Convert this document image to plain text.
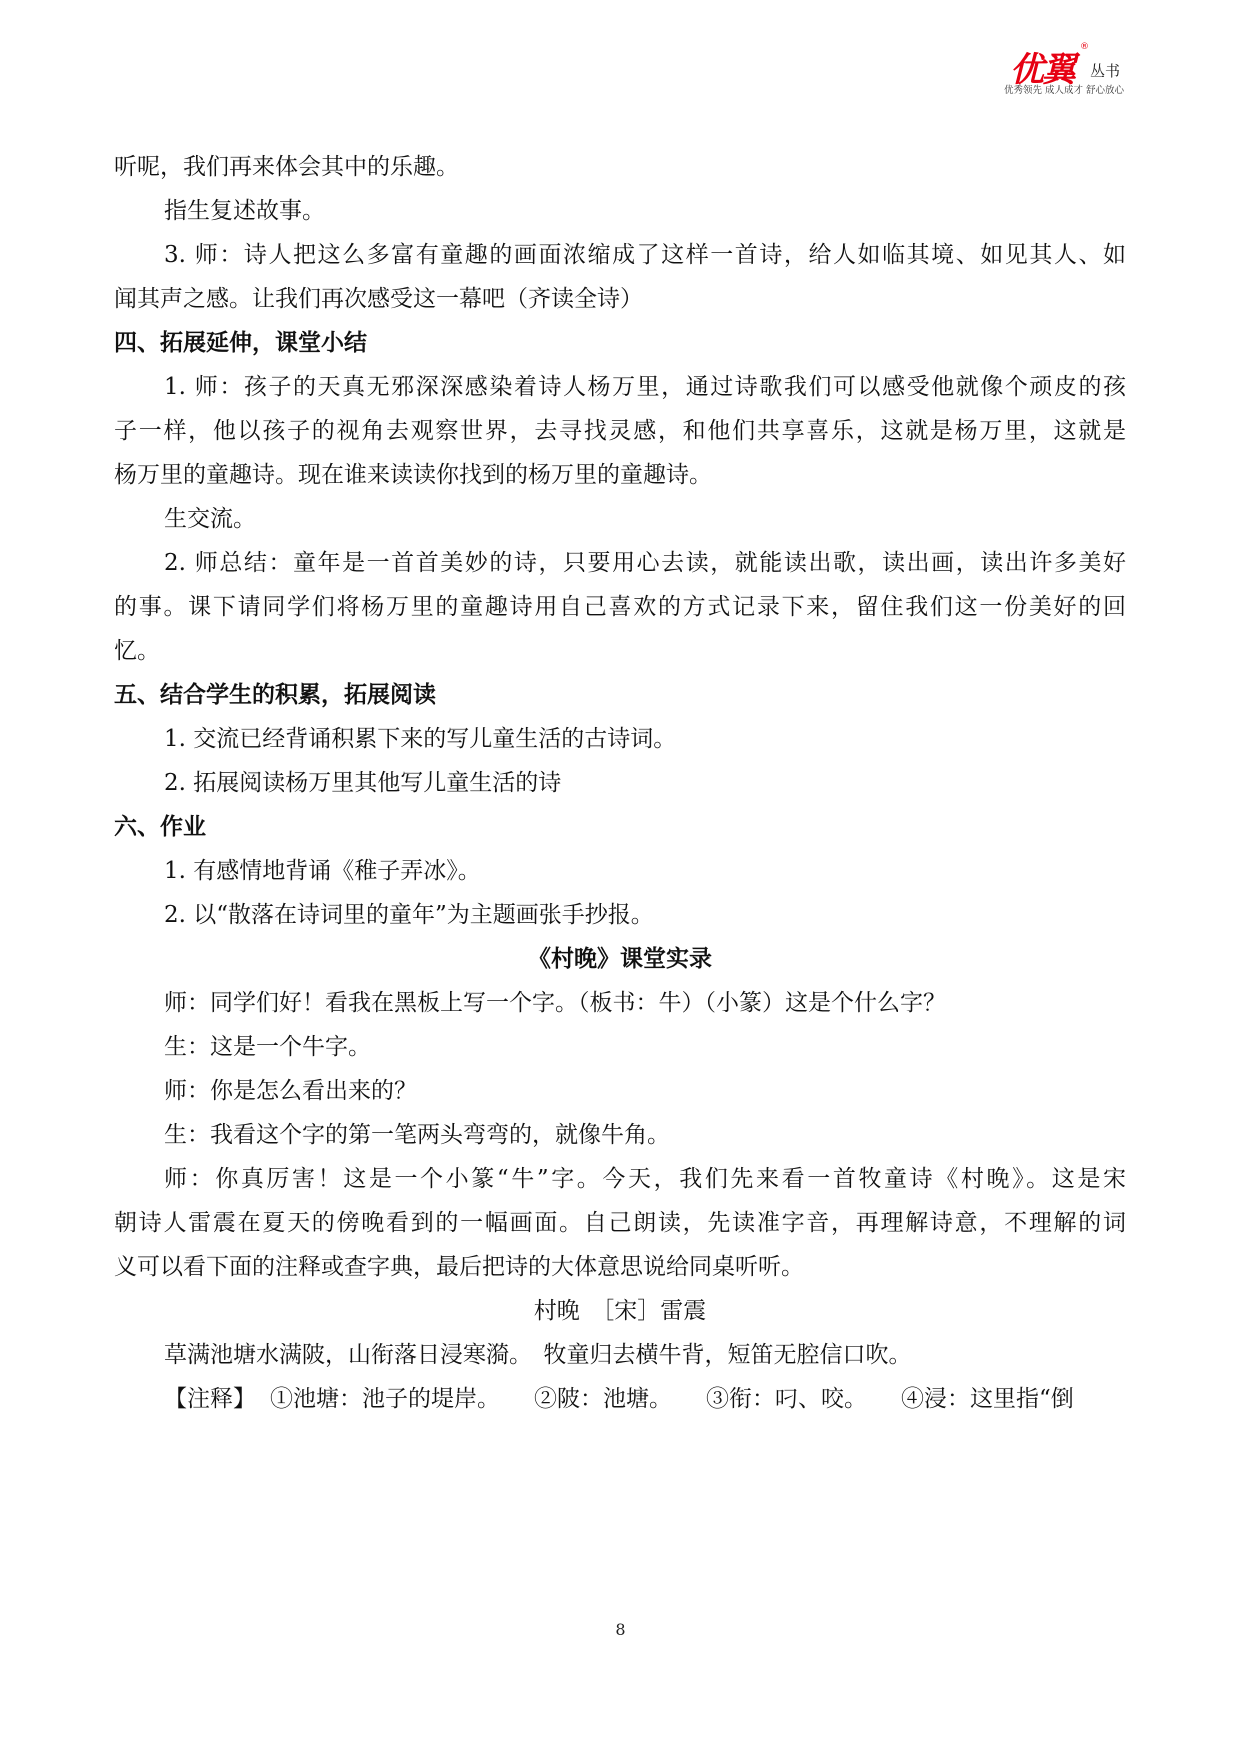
优翼
®
丛书
优秀领先 成人成才 舒心放心
听呢，我们再来体会其中的乐趣。
指生复述故事。
3. 师：诗人把这么多富有童趣的画面浓缩成了这样一首诗，给人如临其境、如见其人、如
闻其声之感。让我们再次感受这一幕吧（齐读全诗）
四、拓展延伸，课堂小结
1. 师：孩子的天真无邪深深感染着诗人杨万里，通过诗歌我们可以感受他就像个顽皮的孩
子一样，他以孩子的视角去观察世界，去寻找灵感，和他们共享喜乐，这就是杨万里，这就是
杨万里的童趣诗。现在谁来读读你找到的杨万里的童趣诗。
生交流。
2. 师总结：童年是一首首美妙的诗，只要用心去读，就能读出歌，读出画，读出许多美好
的事。课下请同学们将杨万里的童趣诗用自己喜欢的方式记录下来，留住我们这一份美好的回
忆。
五、结合学生的积累，拓展阅读
1. 交流已经背诵积累下来的写儿童生活的古诗词。
2. 拓展阅读杨万里其他写儿童生活的诗
六、作业
1. 有感情地背诵《稚子弄冰》。
2. 以“散落在诗词里的童年”为主题画张手抄报。
《村晚》课堂实录
师：同学们好！看我在黑板上写一个字。（板书：牛）（小篆）这是个什么字？
生：这是一个牛字。
师：你是怎么看出来的？
生：我看这个字的第一笔两头弯弯的，就像牛角。
师：你真厉害！这是一个小篆“牛”字。今天，我们先来看一首牧童诗《村晚》。这是宋
朝诗人雷震在夏天的傍晚看到的一幅画面。自己朗读，先读准字音，再理解诗意，不理解的词
义可以看下面的注释或查字典，最后把诗的大体意思说给同桌听听。
村晚　［宋］雷震
草满池塘水满陂，山衔落日浸寒漪。　牧童归去横牛背，短笛无腔信口吹。
【注释】 ①池塘：池子的堤岸。 ②陂：池塘。 ③衔：叼、咬。 ④浸：这里指“倒
8
